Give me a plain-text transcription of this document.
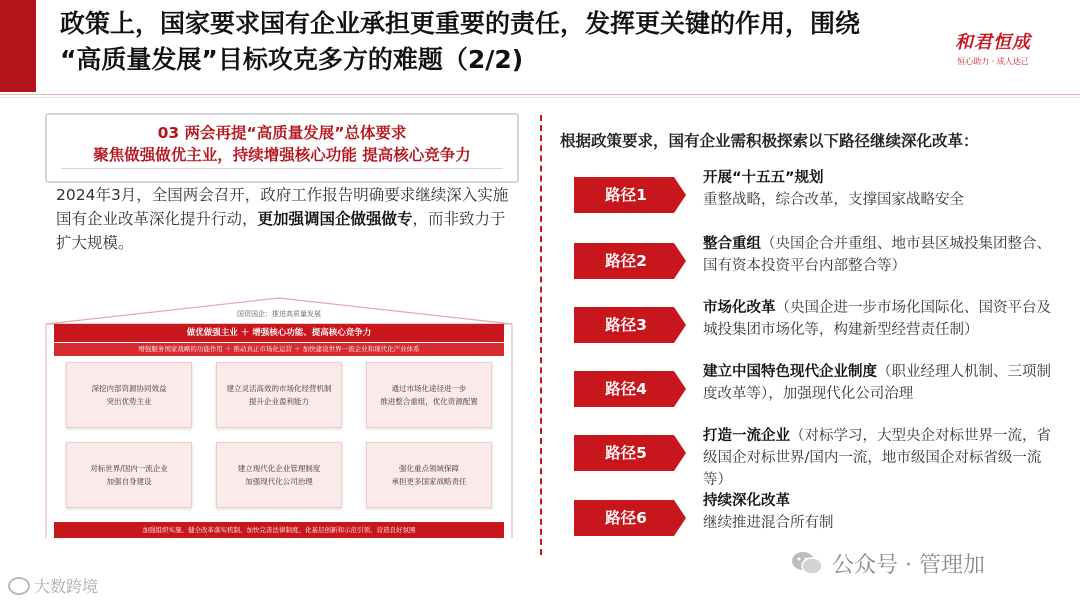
政策上，国家要求国有企业承担更重要的责任，发挥更关键的作用，围绕
“高质量发展”目标攻克多方的难题（2/2)
和君恒成
恒心助力 · 成人达己
03 两会再提“高质量发展”总体要求
聚焦做强做优主业，持续增强核心功能 提高核心竞争力
2024年3月，全国两会召开，政府工作报告明确要求继续深入实施国有企业改革深化提升行动，更加强调国企做强做专，而非致力于扩大规模。
国资国企：推进高质量发展
做优做强主业 ＋ 增强核心功能、提高核心竞争力
增强服务国家战略的功能作用 ＋ 推动真正市场化运营 ＋ 加快建设世界一流企业和现代化产业体系
深挖内部资源协同效益
突出优势主业
建立灵活高效的市场化经营机制
提升企业盈利能力
通过市场化途径进一步
推进整合重组，优化资源配置
对标世界/国内一流企业
加强自身建设
建立现代化企业管理制度
加强现代化公司治理
强化重点领域保障
承担更多国家战略责任
加强组织实施、健全改革落实机制、加快完善法律制度、化基层创新和示范引领、营造良好氛围
根据政策要求，国有企业需积极探索以下路径继续深化改革：
路径1
开展“十五五”规划
重整战略，综合改革，支撑国家战略安全
路径2
整合重组（央国企合并重组、地市县区城投集团整合、国有资本投资平台内部整合等）
路径3
市场化改革（央国企进一步市场化国际化、国资平台及城投集团市场化等，构建新型经营责任制）
路径4
建立中国特色现代企业制度（职业经理人机制、三项制度改革等），加强现代化公司治理
路径5
打造一流企业（对标学习，大型央企对标世界一流，省级国企对标世界/国内一流，地市级国企对标省级一流等）
路径6
持续深化改革
继续推进混合所有制
公众号 · 管理加
大数跨境
